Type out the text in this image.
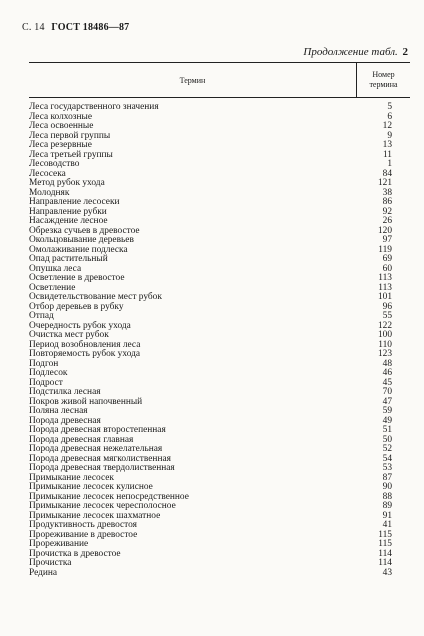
С. 14 ГОСТ 18486—87
Продолжение табл. 2
Термин
Номер
термина
Леса государственного значения	5
Леса колхозные	6
Леса освоенные	12
Леса первой группы	9
Леса резервные	13
Леса третьей группы	11
Лесоводство	1
Лесосека	84
Метод рубок ухода	121
Молодняк	38
Направление лесосеки	86
Направление рубки	92
Насаждение лесное	26
Обрезка сучьев в древостое	120
Окольцовывание деревьев	97
Омолаживание подлеска	119
Опад растительный	69
Опушка леса	60
Осветление в древостое	113
Осветление	113
Освидетельствование мест рубок	101
Отбор деревьев в рубку	96
Отпад	55
Очередность рубок ухода	122
Очистка мест рубок	100
Период возобновления леса	110
Повторяемость рубок ухода	123
Подгон	48
Подлесок	46
Подрост	45
Подстилка лесная	70
Покров живой напочвенный	47
Поляна лесная	59
Порода древесная	49
Порода древесная второстепенная	51
Порода древесная главная	50
Порода древесная нежелательная	52
Порода древесная мягколиственная	54
Порода древесная твердолиственная	53
Примыкание лесосек	87
Примыкание лесосек кулисное	90
Примыкание лесосек непосредственное	88
Примыкание лесосек чересполосное	89
Примыкание лесосек шахматное	91
Продуктивность древостоя	41
Прореживание в древостое	115
Прореживание	115
Прочистка в древостое	114
Прочистка	114
Редина	43
